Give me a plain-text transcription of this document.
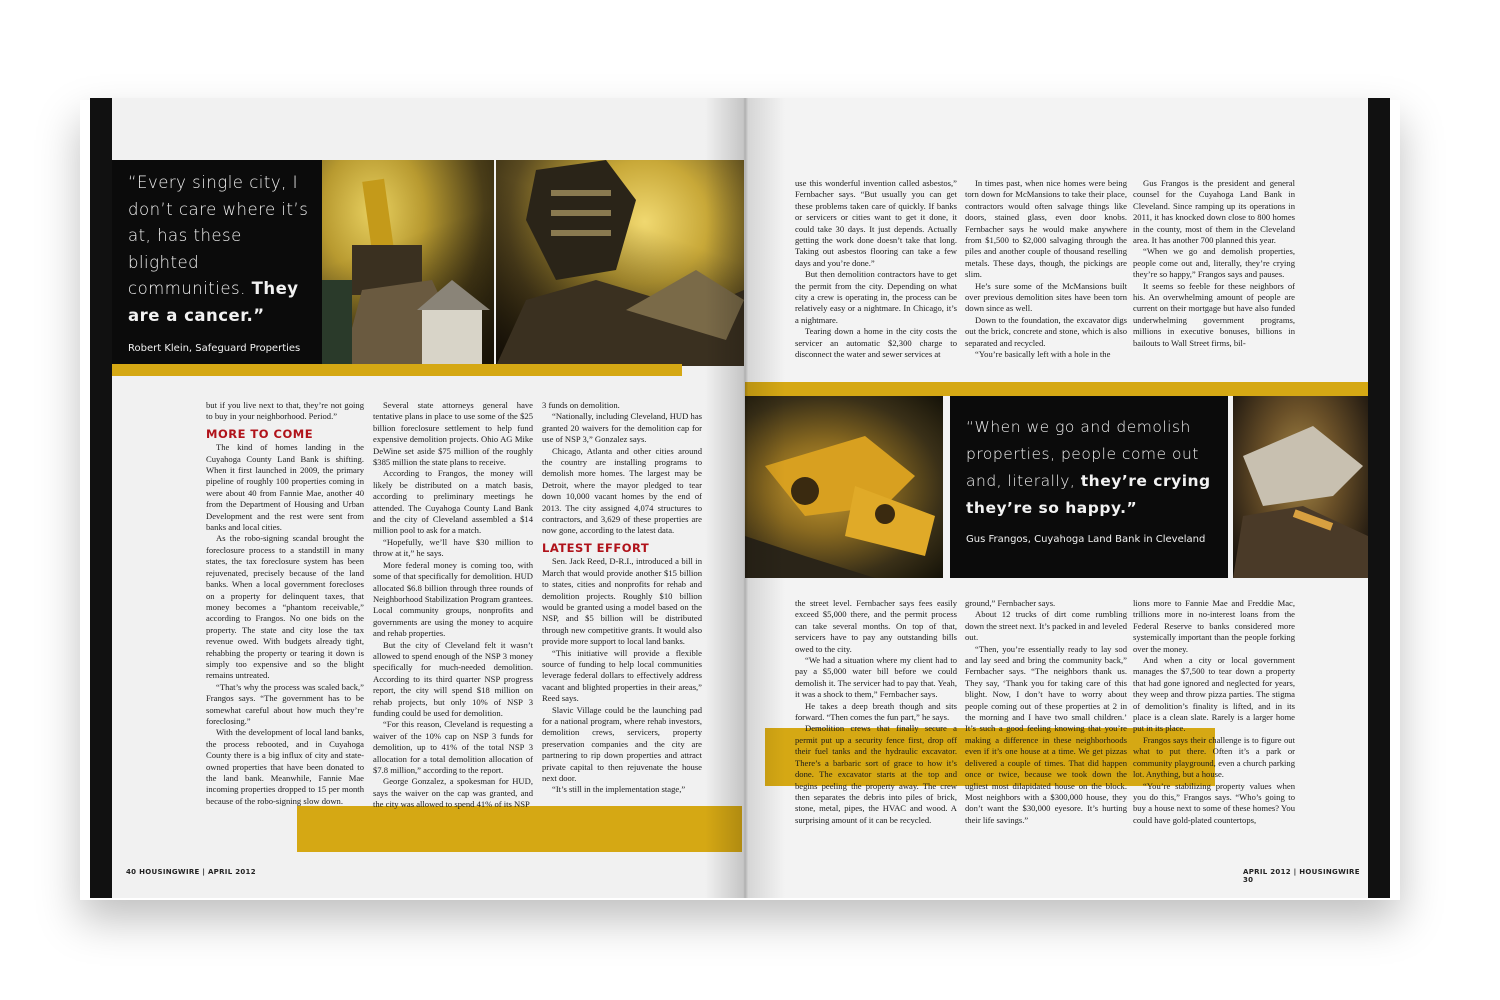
“Every single city, I don’t care where it’s at, has these blighted communities. They are a cancer.”
Robert Klein, Safeguard Properties

but if you live next to that, they’re not going to buy in your neighborhood. Period.”

MORE TO COME

The kind of homes landing in the Cuyahoga County Land Bank is shifting. When it first launched in 2009, the primary pipeline of roughly 100 properties coming in were about 40 from Fannie Mae, another 40 from the Department of Housing and Urban Development and the rest were sent from banks and local cities.

As the robo-signing scandal brought the foreclosure process to a standstill in many states, the tax foreclosure system has been rejuvenated, precisely because of the land banks. When a local government forecloses on a property for delinquent taxes, that money becomes a “phantom receivable,” according to Frangos. No one bids on the property. The state and city lose the tax revenue owed. With budgets already tight, rehabbing the property or tearing it down is simply too expensive and so the blight remains untreated.

“That’s why the process was scaled back,” Frangos says. “The government has to be somewhat careful about how much they’re foreclosing.”

With the development of local land banks, the process rebooted, and in Cuyahoga County there is a big influx of city and state-owned properties that have been donated to the land bank. Meanwhile, Fannie Mae incoming properties dropped to 15 per month because of the robo-signing slow down.

Several state attorneys general have tentative plans in place to use some of the $25 billion foreclosure settlement to help fund expensive demolition projects. Ohio AG Mike DeWine set aside $75 million of the roughly $385 million the state plans to receive.

According to Frangos, the money will likely be distributed on a match basis, according to preliminary meetings he attended. The Cuyahoga County Land Bank and the city of Cleveland assembled a $14 million pool to ask for a match.

“Hopefully, we’ll have $30 million to throw at it,” he says.

More federal money is coming too, with some of that specifically for demolition. HUD allocated $6.8 billion through three rounds of Neighborhood Stabilization Program grantees. Local community groups, nonprofits and governments are using the money to acquire and rehab properties.

But the city of Cleveland felt it wasn’t allowed to spend enough of the NSP 3 money specifically for much-needed demolition. According to its third quarter NSP progress report, the city will spend $18 million on rehab projects, but only 10% of NSP 3 funding could be used for demolition.

“For this reason, Cleveland is requesting a waiver of the 10% cap on NSP 3 funds for demolition, up to 41% of the total NSP 3 allocation for a total demolition allocation of $7.8 million,” according to the report.

George Gonzalez, a spokesman for HUD, says the waiver on the cap was granted, and the city was allowed to spend 41% of its NSP

3 funds on demolition.

“Nationally, including Cleveland, HUD has granted 20 waivers for the demolition cap for use of NSP 3,” Gonzalez says.

Chicago, Atlanta and other cities around the country are installing programs to demolish more homes. The largest may be Detroit, where the mayor pledged to tear down 10,000 vacant homes by the end of 2013. The city assigned 4,074 structures to contractors, and 3,629 of these properties are now gone, according to the latest data.

LATEST EFFORT

Sen. Jack Reed, D-R.I., introduced a bill in March that would provide another $15 billion to states, cities and nonprofits for rehab and demolition projects. Roughly $10 billion would be granted using a model based on the NSP, and $5 billion will be distributed through new competitive grants. It would also provide more support to local land banks.

“This initiative will provide a flexible source of funding to help local communities leverage federal dollars to effectively address vacant and blighted properties in their areas,” Reed says.

Slavic Village could be the launching pad for a national program, where rehab investors, demolition crews, servicers, property preservation companies and the city are partnering to rip down properties and attract private capital to then rejuvenate the house next door.

“It’s still in the implementation stage,”

40 HOUSINGWIRE | APRIL 2012

use this wonderful invention called asbestos,” Fernbacher says. “But usually you can get these problems taken care of quickly. If banks or servicers or cities want to get it done, it could take 30 days. It just depends. Actually getting the work done doesn’t take that long. Taking out asbestos flooring can take a few days and you’re done.”

But then demolition contractors have to get the permit from the city. Depending on what city a crew is operating in, the process can be relatively easy or a nightmare. In Chicago, it’s a nightmare.

Tearing down a home in the city costs the servicer an automatic $2,300 charge to disconnect the water and sewer services at

In times past, when nice homes were being torn down for McMansions to take their place, contractors would often salvage things like doors, stained glass, even door knobs. Fernbacher says he would make anywhere from $1,500 to $2,000 salvaging through the piles and another couple of thousand reselling metals. These days, though, the pickings are slim.

He’s sure some of the McMansions built over previous demolition sites have been torn down since as well.

Down to the foundation, the excavator digs out the brick, concrete and stone, which is also separated and recycled.

“You’re basically left with a hole in the

Gus Frangos is the president and general counsel for the Cuyahoga Land Bank in Cleveland. Since ramping up its operations in 2011, it has knocked down close to 800 homes in the county, most of them in the Cleveland area. It has another 700 planned this year.

“When we go and demolish properties, people come out and, literally, they’re crying they’re so happy,” Frangos says and pauses.

It seems so feeble for these neighbors of his. An overwhelming amount of people are current on their mortgage but have also funded underwhelming government programs, millions in executive bonuses, billions in bailouts to Wall Street firms, bil-

“When we go and demolish properties, people come out and, literally, they’re crying they’re so happy.”
Gus Frangos, Cuyahoga Land Bank in Cleveland

the street level. Fernbacher says fees easily exceed $5,000 there, and the permit process can take several months. On top of that, servicers have to pay any outstanding bills owed to the city.

“We had a situation where my client had to pay a $5,000 water bill before we could demolish it. The servicer had to pay that. Yeah, it was a shock to them,” Fernbacher says.

He takes a deep breath though and sits forward. “Then comes the fun part,” he says.

Demolition crews that finally secure a permit put up a security fence first, drop off their fuel tanks and the hydraulic excavator. There’s a barbaric sort of grace to how it’s done. The excavator starts at the top and begins peeling the property away. The crew then separates the debris into piles of brick, stone, metal, pipes, the HVAC and wood. A surprising amount of it can be recycled.

ground,” Fernbacher says.

About 12 trucks of dirt come rumbling down the street next. It’s packed in and leveled out.

“Then, you’re essentially ready to lay sod and lay seed and bring the community back,” Fernbacher says. “The neighbors thank us. They say, ‘Thank you for taking care of this blight. Now, I don’t have to worry about people coming out of these properties at 2 in the morning and I have two small children.’ It’s such a good feeling knowing that you’re making a difference in these neighborhoods even if it’s one house at a time. We get pizzas delivered a couple of times. That did happen once or twice, because we took down the ugliest most dilapidated house on the block. Most neighbors with a $300,000 house, they don’t want the $30,000 eyesore. It’s hurting their life savings.”

lions more to Fannie Mae and Freddie Mac, trillions more in no-interest loans from the Federal Reserve to banks considered more systemically important than the people forking over the money.

And when a city or local government manages the $7,500 to tear down a property that had gone ignored and neglected for years, they weep and throw pizza parties. The stigma of demolition’s finality is lifted, and in its place is a clean slate. Rarely is a larger home put in its place.

Frangos says their challenge is to figure out what to put there. Often it’s a park or community playground, even a church parking lot. Anything, but a house.

“You’re stabilizing property values when you do this,” Frangos says. “Who’s going to buy a house next to some of these homes? You could have gold-plated countertops,

APRIL 2012 | HOUSINGWIRE 30
